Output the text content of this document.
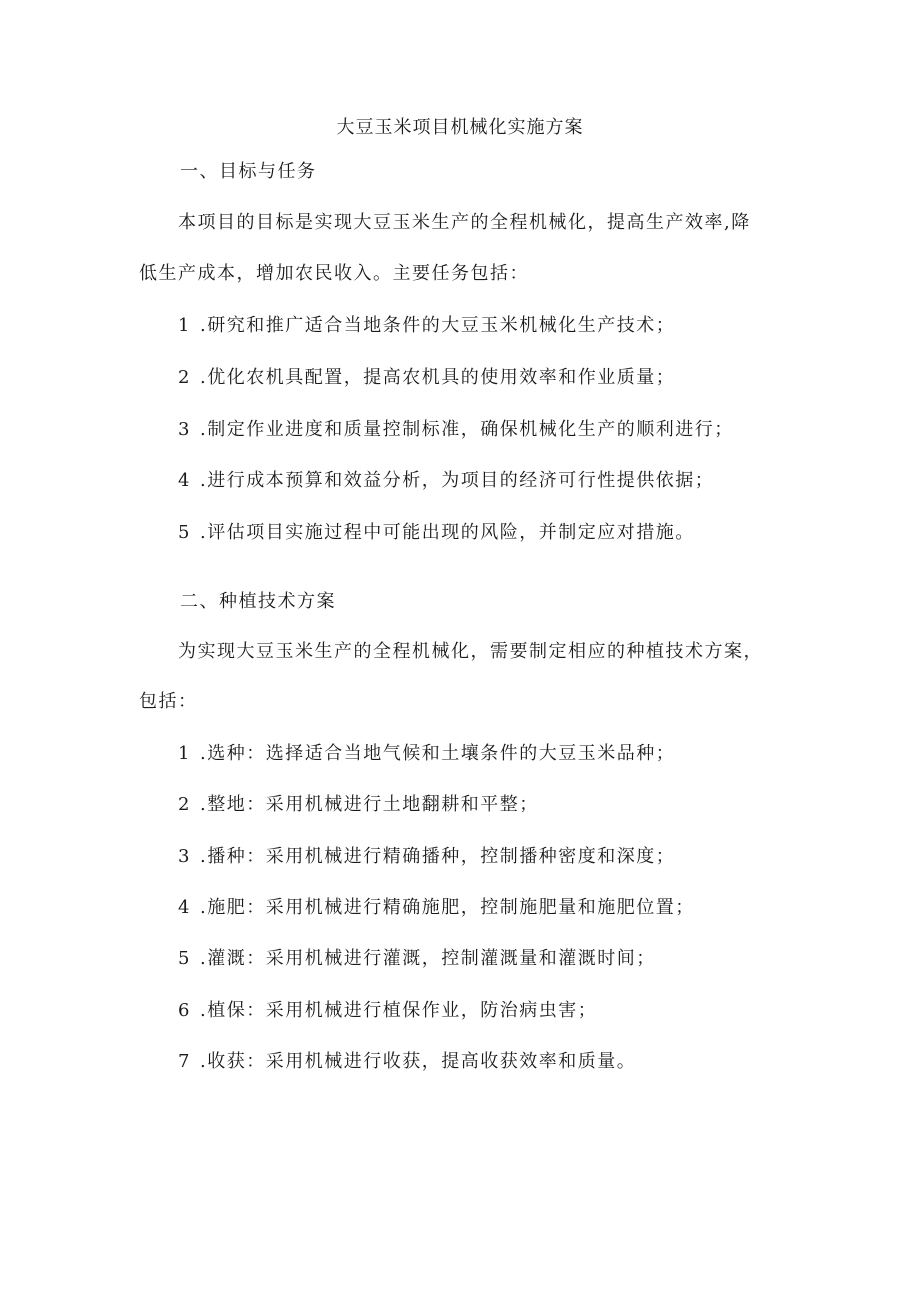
大豆玉米项目机械化实施方案
一、目标与任务
本项目的目标是实现大豆玉米生产的全程机械化，提高生产效率,降
低生产成本，增加农民收入。主要任务包括：
1 .研究和推广适合当地条件的大豆玉米机械化生产技术；
2 .优化农机具配置，提高农机具的使用效率和作业质量；
3 .制定作业进度和质量控制标准，确保机械化生产的顺利进行；
4 .进行成本预算和效益分析，为项目的经济可行性提供依据；
5 .评估项目实施过程中可能出现的风险，并制定应对措施。
二、种植技术方案
为实现大豆玉米生产的全程机械化，需要制定相应的种植技术方案，
包括：
1 .选种：选择适合当地气候和土壤条件的大豆玉米品种；
2 .整地：采用机械进行土地翻耕和平整；
3 .播种：采用机械进行精确播种，控制播种密度和深度；
4 .施肥：采用机械进行精确施肥，控制施肥量和施肥位置；
5 .灌溉：采用机械进行灌溉，控制灌溉量和灌溉时间；
6 .植保：采用机械进行植保作业，防治病虫害；
7 .收获：采用机械进行收获，提高收获效率和质量。
